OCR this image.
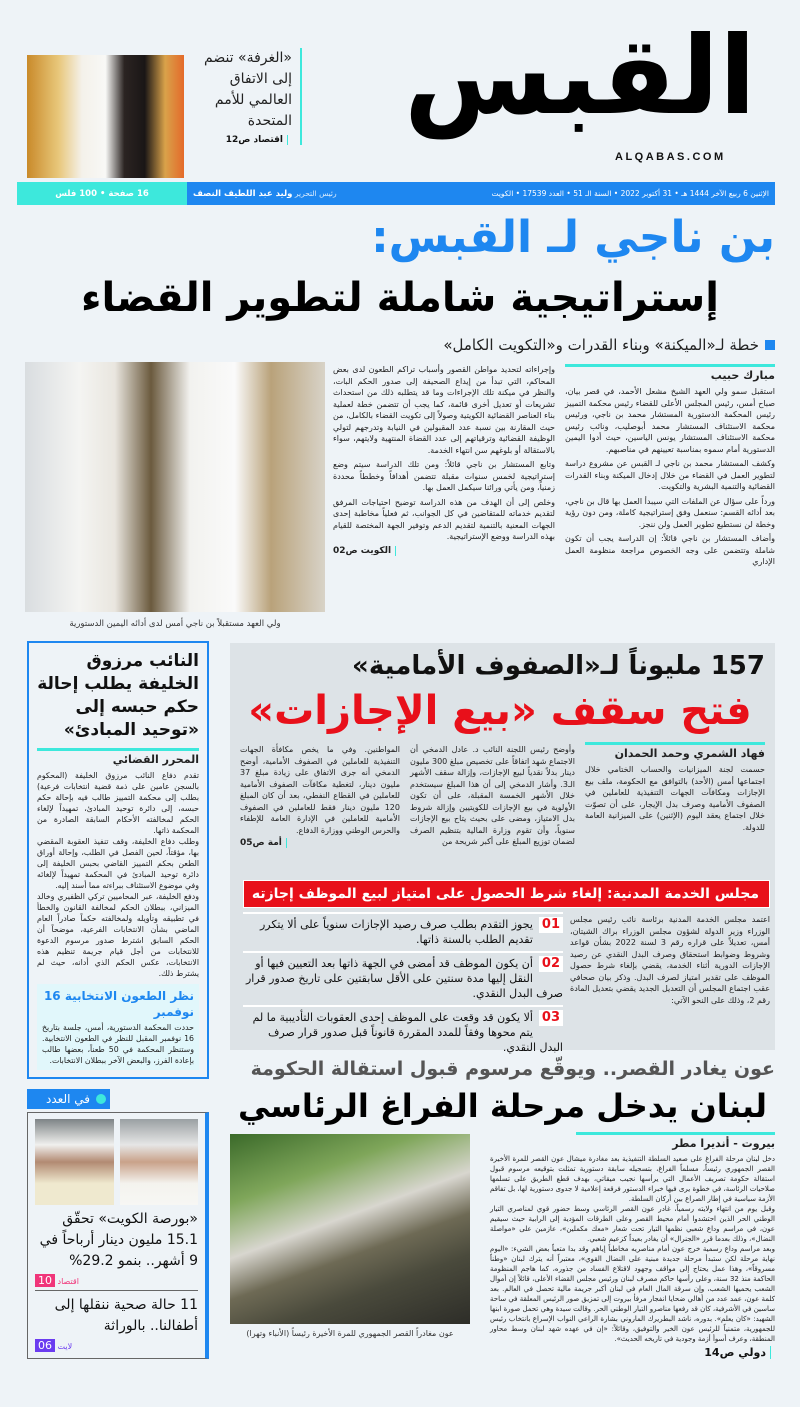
«الغرفة» تنضم إلى الاتفاق العالمي للأمم المتحدة
اقتصاد ص12
القبس
ALQABAS.COM
الإثنين 6 ربيع الآخر 1444 هـ • 31 أكتوبر 2022 • السنة الـ 51 • العدد 17539 • الكويت
رئيس التحرير وليد عبد اللطيف النصف
16 صفحة • 100 فلس
بن ناجي لـ القبس:
إستراتيجية شاملة لتطوير القضاء
خطة لـ«الميكنة» وبناء القدرات و«التكويت الكامل»
مبارك حبيب

استقبل سمو ولي العهد الشيخ مشعل الأحمد، في قصر بيان، صباح أمس، رئيس المجلس الأعلى للقضاء رئيس محكمة التمييز رئيس المحكمة الدستورية المستشار محمد بن ناجي، ورئيس محكمة الاستئناف المستشار محمد أبوصليب، ونائب رئيس محكمة الاستئناف المستشار يونس الياسين، حيث أدوا اليمين الدستورية أمام سموه بمناسبة تعيينهم في مناصبهم.

وكشف المستشار محمد بن ناجي لـ القبس عن مشروع دراسة لتطوير العمل في القضاء من خلال إدخال الميكنة وبناء القدرات القضائية والتنمية البشرية والتكويت.

ورداً على سؤال عن الملفات التي سيبدأ العمل بها قال بن ناجي، بعد أدائه القسم: سنعمل وفق إستراتيجية كاملة، ومن دون رؤية وخطة لن نستطيع تطوير العمل ولن ننجز.

وأضاف المستشار بن ناجي قائلاً: إن الدراسة يجب أن تكون شاملة وتتضمن على وجه الخصوص مراجعة منظومة العمل الإداري

وإجراءاته لتحديد مواطن القصور وأسباب تراكم الطعون لدى بعض المحاكم، التي تبدأ من إيداع الصحيفة إلى صدور الحكم البات، والنظر في ميكنة تلك الإجراءات وما قد يتطلبه ذلك من استحداث تشريعات أو تعديل أخرى قائمة، كما يجب أن تتضمن خطة لعملية بناء العناصر القضائية الكويتية وصولاً إلى تكويت القضاء بالكامل، من حيث المقارنة بين نسبة عدد المقبولين في النيابة وتدرجهم لتولي الوظيفة القضائية وترقياتهم إلى عدد القضاة المنتهية ولايتهم، سواء بالاستقالة أو بلوغهم سن انتهاء الخدمة.

وتابع المستشار بن ناجي قائلاً: ومن تلك الدراسة سيتم وضع إستراتيجية لخمس سنوات مقبلة تتضمن أهدافاً وخططاً محددة زمنياً، ومن يأتي ورائنا سيكمل العمل بها.

وخلص إلى أن الهدف من هذه الدراسة توضيح احتياجات المرفق لتقديم خدماته للمتقاضين في كل الجوانب، ثم فعلياً مخاطبة إحدى الجهات المعنية بالتنمية لتقديم الدعم وتوفير الجهة المختصة للقيام بهذه الدراسة ووضع الإستراتيجية.

الكويت ص02
ولي العهد مستقبلاً بن ناجي أمس لدى أدائه اليمين الدستورية
157 مليوناً لـ«الصفوف الأمامية»
فتح سقف «بيع الإجازات»
فهاد الشمري وحمد الحمدان
حسمت لجنة الميزانيات والحساب الختامي خلال اجتماعها أمس (الأحد) بالتوافق مع الحكومة، ملف بيع الإجازات ومكافآت الجهات التنفيذية للعاملين في الصفوف الأمامية وصرف بدل الإيجار، على أن تصوّت خلال اجتماع يعقد اليوم (الإثنين) على الميزانية العامة للدولة.
وأوضح رئيس اللجنة النائب د. عادل الدمخي أن الاجتماع شهد اتفاقاً على تخصيص مبلغ 300 مليون دينار بدلاً نقدياً لبيع الإجازات، وإزالة سقف الأشهر الـ3. وأشار الدمخي إلى أن هذا المبلغ سيستخدم خلال الأشهر الخمسة المقبلة، على أن تكون الأولوية في بيع الإجازات للكويتيين وإزالة شروط بدل الامتياز، ومضى على بحيث يتاح بيع الإجازات سنوياً، وأن تقوم وزارة المالية بتنظيم الصرف لضمان توزيع المبلغ على أكبر شريحة من
المواطنين. وفي ما يخص مكافأة الجهات التنفيذية للعاملين في الصفوف الأمامية، أوضح الدمخي أنه جرى الاتفاق على زيادة مبلغ 37 مليون دينار، لتغطية مكافآت الصفوف الأمامية للعاملين في القطاع النفطي، بعد أن كان المبلغ 120 مليون دينار فقط للعاملين في الصفوف الأمامية للعاملين في الإدارة العامة للإطفاء والحرس الوطني ووزارة الدفاع.
أمة ص05
مجلس الخدمة المدنية: إلغاء شرط الحصول على امتياز لبيع الموظف إجازته
اعتمد مجلس الخدمة المدنية برئاسة نائب رئيس مجلس الوزراء وزير الدولة لشؤون مجلس الوزراء براك الشيتان، أمس، تعديلاً على قراره رقم 3 لسنة 2022 بشأن قواعد وشروط وضوابط استحقاق وصرف البدل النقدي عن رصيد الإجازات الدورية أثناء الخدمة، يقضي بإلغاء شرط حصول الموظف على تقدير امتياز لصرف البدل. وذكر بيان صحافي عقب اجتماع المجلس أن التعديل الجديد يقضي بتعديل المادة رقم 2، وذلك على النحو الآتي:
01
يجوز التقدم بطلب صرف رصيد الإجازات سنوياً على ألا يتكرر تقديم الطلب بالسنة ذاتها.
02
أن يكون الموظف قد أمضى في الجهة ذاتها بعد التعيين فيها أو النقل إليها مدة سنتين على الأقل سابقتين على تاريخ صدور قرار صرف البدل النقدي.
03
ألا يكون قد وقعت على الموظف إحدى العقوبات التأديبية ما لم يتم محوها وفقاً للمدد المقررة قانوناً قبل صدور قرار صرف البدل النقدي.
النائب مرزوق الخليفة يطلب إحالة حكم حبسه إلى «توحيد المبادئ»
المحرر القضائي

تقدم دفاع النائب مرزوق الخليفة (المحكوم بالسجن عامين على ذمة قضية انتخابات فرعية) بطلب إلى محكمة التمييز طالب فيه بإحالة حكم حبسه، إلى دائرة توحيد المبادئ، تمهيداً لإلغاء الحكم لمخالفته الأحكام السابقة الصادرة من المحكمة ذاتها.

وطلب دفاع الخليفة، وقف تنفيذ العقوبة المقضي بها، مؤقتاً، لحين الفصل في الطلب، وإحالة أوراق الطعن بحكم التمييز القاضي بحبس الخليفة إلى دائرة توحيد المبادئ في المحكمة تمهيداً لإلغائه وفي موضوع الاستئناف ببراءته مما أسند إليه.

ودفع الخليفة، عبر المحاميين تركي الظفيري وخالد الميزاني، ببطلان الحكم لمخالفة القانون والخطأ في تطبيقه وتأويله ولمخالفته حكماً صادراً العام الماضي بشأن الانتخابات الفرعية، موضحاً أن الحكم السابق اشترط صدور مرسوم الدعوة للانتخابات من أجل قيام جريمة تنظيم هذه الانتخابات، عكس الحكم الذي أدانه، حيث لم يشترط ذلك.

نظر الطعون الانتخابية 16 نوفمبر
حددت المحكمة الدستورية، أمس، جلسة بتاريخ 16 نوفمبر المقبل للنظر في الطعون الانتخابية. وستنظر المحكمة في 50 طعناً، بعضها طالب بإعادة الفرز، والبعض الآخر ببطلان الانتخابات.
في العدد
«بورصة الكويت» تحقّق 15.1 مليون دينار أرباحاً في 9 أشهر.. بنمو 29.2%
اقتصاد 10
11 حالة صحية ننقلها إلى أطفالنا.. بالوراثة
لايت 06
عون يغادر القصر.. ويوقّع مرسوم قبول استقالة الحكومة
لبنان يدخل مرحلة الفراغ الرئاسي
عون مغادراً القصر الجمهوري للمرة الأخيرة رئيساً (الأنباء وتهرا)
بيروت - أنديرا مطر

دخل لبنان مرحلة الفراغ على صعيد السلطة التنفيذية بعد مغادرة ميشال عون القصر للمرة الأخيرة القصر الجمهوري رئيساً، مسلماً الفراغ، بتسجيله سابقة دستورية تمثلت بتوقيعه مرسوم قبول استقالة حكومة تصريف الأعمال التي يرأسها نجيب ميقاتي، بهدف قطع الطريق على تسلمها صلاحيات الرئاسة، في خطوة يرى فيها خبراء الدستور فرقعة إعلامية لا جدوى دستورية لها، بل تفاقم الأزمة سياسية في إطار الصراع بين أركان السلطة.

وقبل يوم من انتهاء ولايته رسمياً، غادر عون القصر الرئاسي وسط حضور قوي لمناصري التيار الوطني الحر الذين احتشدوا أمام محيط القصر وعلى الطرقات المؤدية إلى الرابية حيث سيقيم عون، في مراسم وداع شعبي نظمها التيار تحت شعار «معك مكملين»، عازمين على «مواصلة النضال»، وذلك بعدما قرر «الجنرال» أن يغادر بعيداً كزعيم شعبي.

وبعد مراسم وداع رسمية خرج عون أمام مناصريه مخاطباً إياهم وقد بدا متعباً بعض الشيء: «اليوم نهاية مرحلة لكن ستبدأ مرحلة جديدة مبنية على النضال القوي»، معتبراً أنه يترك لبنان «وطناً مسروقاً»، وهذا عمل يحتاج إلى مواقف وجهود لاقتلاع الفساد من جذوره، كما هاجم المنظومة الحاكمة منذ 32 سنة، وعلى رأسها حاكم مصرف لبنان ورئيس مجلس القضاء الأعلى، قائلاً إن أموال الشعب يحميها الشعب، وإن سرقة المال العام في لبنان أكبر جريمة مالية تحصل في العالم. بعد كلمة عون، عمد عدد من أهالي ضحايا انفجار مرفأ بيروت إلى تمزيق صور الرئيس المعلقة في ساحة ساسين في الأشرفية، كان قد رفعها مناصرو التيار الوطني الحر. وقالت سيدة وهي تحمل صورة ابنها الشهيد: «كان يعلم». بدوره، ناشد البطريرك الماروني بشارة الراعي النواب الإسراع بانتخاب رئيس للجمهورية، متمنياً للرئيس عون الخير والتوفيق، وقائلاً: «إن في عهده شهد لبنان وسط محاور المنطقة، وعرف أسوأ أزمة وجودية في تاريخه الحديث».

دولي ص14
